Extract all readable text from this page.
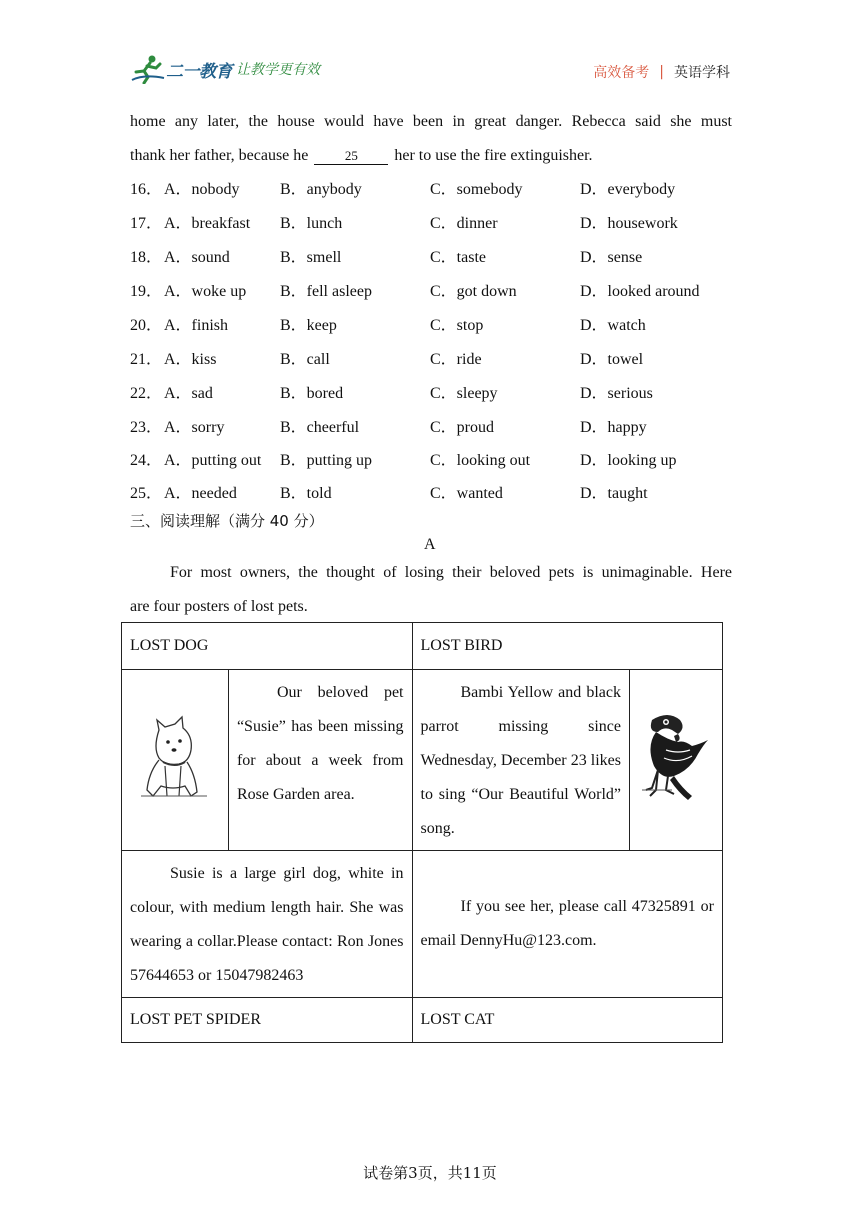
二一教育 让教学更有效	高效备考 | 英语学科
home any later, the house would have been in great danger. Rebecca said she must
thank her father, because he	25 her to use the fire extinguisher.
16． A．nobody	B．anybody	C．somebody	D．everybody
17． A．breakfast B．lunch	C．dinner	D．housework
18． A．sound	B．smell	C．taste	D．sense
19． A．woke up B．fell asleep	C．got down	D．looked around
20． A．finish	B．keep	C．stop	D．watch
21． A．kiss	B．call	C．ride	D．towel
22． A．sad	B．bored	C．sleepy	D．serious
23． A．sorry	B．cheerful	C．proud	D．happy
24． A．putting out B．putting up	C．looking out	D．looking up
25． A．needed	B．told	C．wanted	D．taught
三、阅读理解（满分 40 分）
A
For most owners, the thought of losing their beloved pets is unimaginable. Here
are four posters of lost pets.
LOST DOG		LOST BIRD	

Our beloved pet “Susie” has been missing for about a week from Rose Garden area.	Bambi Yellow and black parrot missing since Wednesday, December 23 likes to sing “Our Beautiful World” song.

Susie is a large girl dog, white in colour, with medium length hair. She was wearing a collar.Please contact: Ron Jones 57644653 or 15047982463		If you see her, please call 47325891 or email DennyHu@123.com.	

LOST PET SPIDER		LOST CAT	
试卷第3页，共11页
